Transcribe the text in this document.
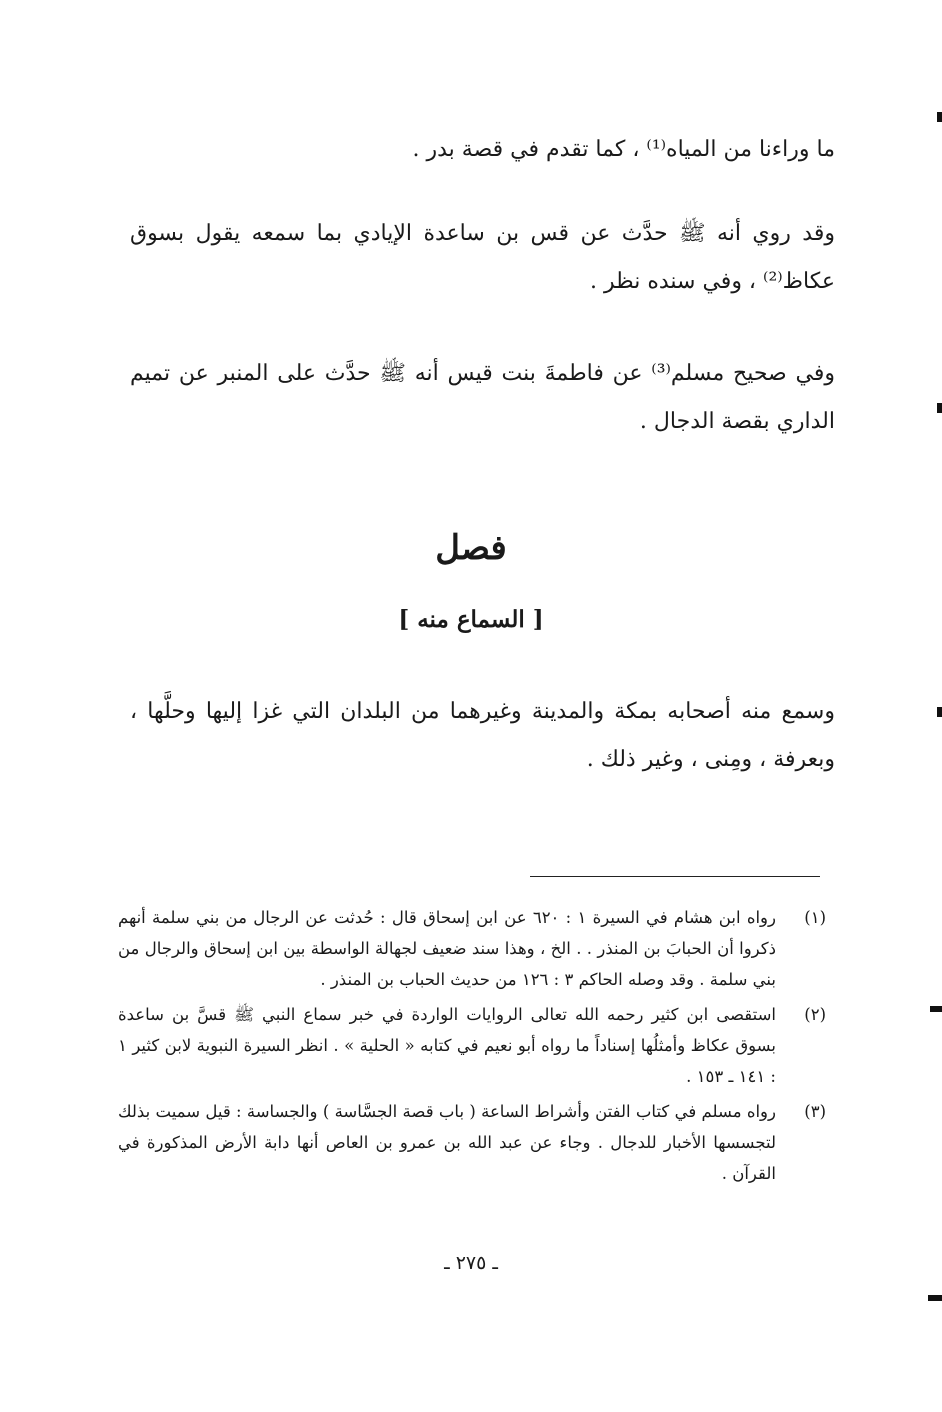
ما وراءنا من المياه⁽¹⁾ ، كما تقدم في قصة بدر .

وقد روي أنه ﷺ حدَّث عن قس بن ساعدة الإيادي بما سمعه يقول بسوق عكاظ⁽²⁾ ، وفي سنده نظر .

وفي صحيح مسلم⁽³⁾ عن فاطمةَ بنت قيس أنه ﷺ حدَّث على المنبر عن تميم الداري بقصة الدجال .

فصل
[ السماع منه ]

وسمع منه أصحابه بمكة والمدينة وغيرهما من البلدان التي غزا إليها وحلَّها ، وبعرفة ، ومِنى ، وغير ذلك .

(١)
رواه ابن هشام في السيرة ١ : ٦٢٠ عن ابن إسحاق قال : حُدثت عن الرجال من بني سلمة أنهم ذكروا أن الحبابَ بن المنذر . . الخ ، وهذا سند ضعيف لجهالة الواسطة بين ابن إسحاق والرجال من بني سلمة . وقد وصله الحاكم ٣ : ١٢٦ من حديث الحباب بن المنذر .
(٢)
استقصى ابن كثير رحمه الله تعالى الروايات الواردة في خبر سماع النبي ﷺ قسَّ بن ساعدة بسوق عكاظ وأمثلُها إسناداً ما رواه أبو نعيم في كتابه « الحلية » . انظر السيرة النبوية لابن كثير ١ : ١٤١ ـ ١٥٣ .
(٣)
رواه مسلم في كتاب الفتن وأشراط الساعة ( باب قصة الجسَّاسة ) والجساسة : قيل سميت بذلك لتجسسها الأخبار للدجال . وجاء عن عبد الله بن عمرو بن العاص أنها دابة الأرض المذكورة في القرآن .
ـ ٢٧٥ ـ
